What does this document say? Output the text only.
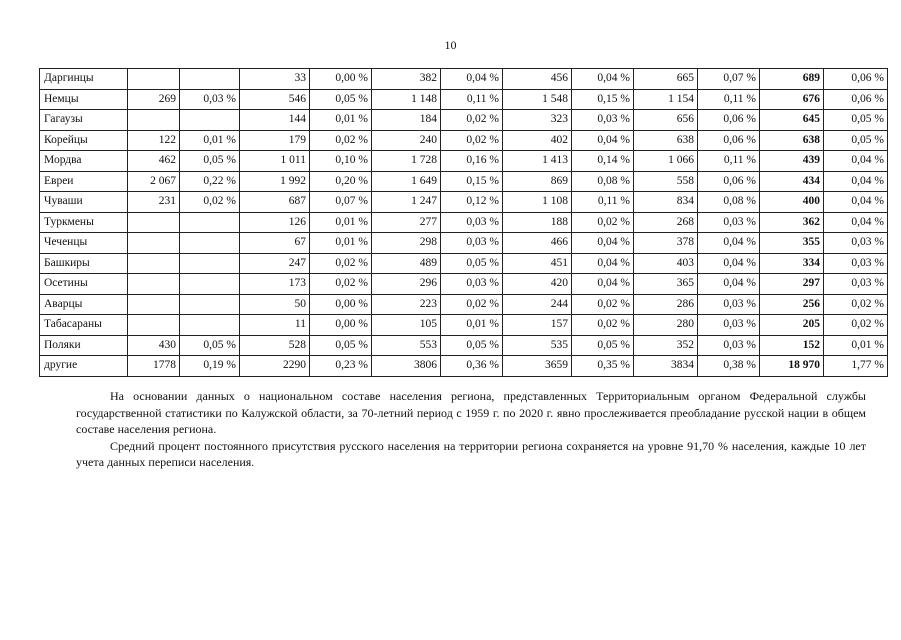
10
Даргинцы			33	0,00 %	382	0,04 %	456	0,04 %	665	0,07 %	689	0,06 %
Немцы	269	0,03 %	546	0,05 %	1 148	0,11 %	1 548	0,15 %	1 154	0,11 %	676	0,06 %
Гагаузы			144	0,01 %	184	0,02 %	323	0,03 %	656	0,06 %	645	0,05 %
Корейцы	122	0,01 %	179	0,02 %	240	0,02 %	402	0,04 %	638	0,06 %	638	0,05 %
Мордва	462	0,05 %	1 011	0,10 %	1 728	0,16 %	1 413	0,14 %	1 066	0,11 %	439	0,04 %
Евреи	2 067	0,22 %	1 992	0,20 %	1 649	0,15 %	869	0,08 %	558	0,06 %	434	0,04 %
Чуваши	231	0,02 %	687	0,07 %	1 247	0,12 %	1 108	0,11 %	834	0,08 %	400	0,04 %
Туркмены			126	0,01 %	277	0,03 %	188	0,02 %	268	0,03 %	362	0,04 %
Чеченцы			67	0,01 %	298	0,03 %	466	0,04 %	378	0,04 %	355	0,03 %
Башкиры			247	0,02 %	489	0,05 %	451	0,04 %	403	0,04 %	334	0,03 %
Осетины			173	0,02 %	296	0,03 %	420	0,04 %	365	0,04 %	297	0,03 %
Аварцы			50	0,00 %	223	0,02 %	244	0,02 %	286	0,03 %	256	0,02 %
Табасараны			11	0,00 %	105	0,01 %	157	0,02 %	280	0,03 %	205	0,02 %
Поляки	430	0,05 %	528	0,05 %	553	0,05 %	535	0,05 %	352	0,03 %	152	0,01 %
другие	1778	0,19 %	2290	0,23 %	3806	0,36 %	3659	0,35 %	3834	0,38 %	18 970	1,77 %

На основании данных о национальном составе населения региона, представленных Территориальным органом Федеральной службы государственной статистики по Калужской области, за 70-летний период с 1959 г. по 2020 г. явно прослеживается преобладание русской нации в общем составе населения региона.

Средний процент постоянного присутствия русского населения на территории региона сохраняется на уровне 91,70 % населения, каждые 10 лет учета данных переписи населения.
